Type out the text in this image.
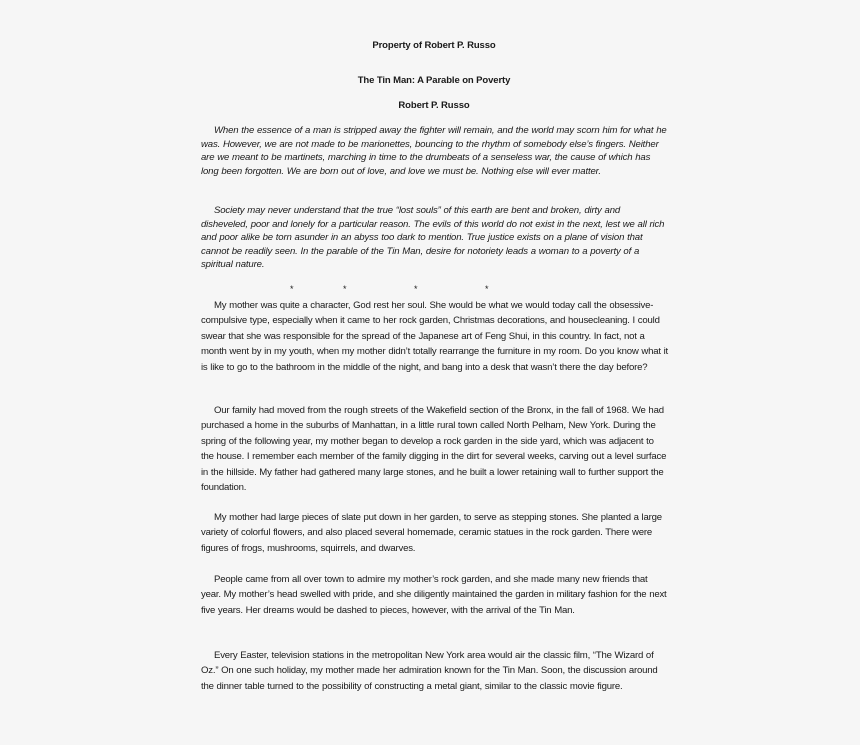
Property of Robert P. Russo
The Tin Man: A Parable on Poverty
Robert P. Russo

When the essence of a man is stripped away the fighter will remain, and the world may scorn him for what he was. However, we are not made to be marionettes, bouncing to the rhythm of somebody else’s fingers. Neither are we meant to be martinets, marching in time to the drumbeats of a senseless war, the cause of which has long been forgotten. We are born out of love, and love we must be. Nothing else will ever matter.

Society may never understand that the true “lost souls” of this earth are bent and broken, dirty and disheveled, poor and lonely for a particular reason. The evils of this world do not exist in the next, lest we all rich and poor alike be torn asunder in an abyss too dark to mention. True justice exists on a plane of vision that cannot be readily seen. In the parable of the Tin Man, desire for notoriety leads a woman to a poverty of a spiritual nature.

*	*	*	*

My mother was quite a character, God rest her soul. She would be what we would today call the obsessive-compulsive type, especially when it came to her rock garden, Christmas decorations, and housecleaning. I could swear that she was responsible for the spread of the Japanese art of Feng Shui, in this country. In fact, not a month went by in my youth, when my mother didn’t totally rearrange the furniture in my room. Do you know what it is like to go to the bathroom in the middle of the night, and bang into a desk that wasn’t there the day before?

Our family had moved from the rough streets of the Wakefield section of the Bronx, in the fall of 1968. We had purchased a home in the suburbs of Manhattan, in a little rural town called North Pelham, New York. During the spring of the following year, my mother began to develop a rock garden in the side yard, which was adjacent to the house. I remember each member of the family digging in the dirt for several weeks, carving out a level surface in the hillside. My father had gathered many large stones, and he built a lower retaining wall to further support the foundation.

My mother had large pieces of slate put down in her garden, to serve as stepping stones. She planted a large variety of colorful flowers, and also placed several homemade, ceramic statues in the rock garden. There were figures of frogs, mushrooms, squirrels, and dwarves.

People came from all over town to admire my mother’s rock garden, and she made many new friends that year. My mother’s head swelled with pride, and she diligently maintained the garden in military fashion for the next five years. Her dreams would be dashed to pieces, however, with the arrival of the Tin Man.

Every Easter, television stations in the metropolitan New York area would air the classic film, “The Wizard of Oz.” On one such holiday, my mother made her admiration known for the Tin Man. Soon, the discussion around the dinner table turned to the possibility of constructing a metal giant, similar to the classic movie figure.
